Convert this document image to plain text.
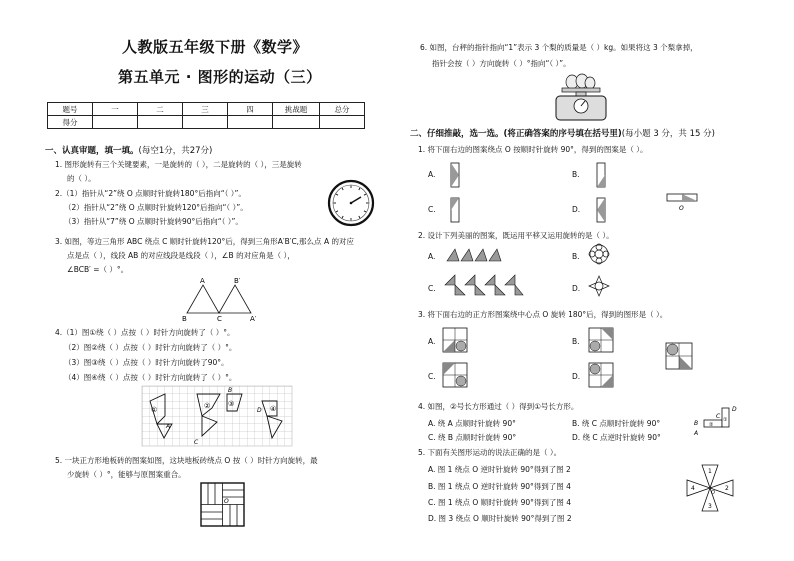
人教版五年级下册《数学》
第五单元 · 图形的运动（三）
题号	一	二	三	四	挑战题	总分
得分						
一、认真审题，填一填。(每空1分，共27分)
1. 图形旋转有三个关键要素，一是旋转的（ ），二是旋转的（ ），三是旋转
的（ ）。
2.（1）指针从“2”绕 O 点顺时针旋转180°后指向“（ ）”。
（2）指针从“2”绕 O 点顺时针旋转120°后指向“（ ）”。
（3）指针从“7”绕 O 点顺时针旋转90°后指向“（ ）”。
3. 如图，等边三角形 ABC 绕点 C 顺时针旋转120°后，得到三角形A′B′C,那么点 A 的对应
点是点（ ），线段 AB 的对应线段是线段（ ），∠B 的对应角是（ ），
∠BCB′ =（ ）°。
A
B
B′
C	A′
4.（1）图①绕（ ）点按（ ）时针方向旋转了（ ）°。
（2）图②绕（ ）点按（ ）时针方向旋转了（ ）°。
（3）图③绕（ ）点按（ ）时针方向旋转了90°。
（4）图④绕（ ）点按（ ）时针方向旋转了（ ）°。
①	②	③
④
A
B
C
D
5. 一块正方形地板砖的图案如图，这块地板砖绕点 O 按（ ）时针方向旋转，最
少旋转（ ）°，能够与原图案重合。
O
6. 如图，台秤的指针指向“1”表示 3 个梨的质量是（ ）kg。如果将这 3 个梨拿掉，
指针会按（ ）方向旋转（ ）°指向“（ ）”。
二、仔细推敲，选一选。(将正确答案的序号填在括号里)(每小题 3 分，共 15 分)
1. 将下面右边的图案绕点 O 按顺时针旋转 90°，得到的图案是（ ）。
A.	B.
C.	D.	O
2. 设计下列美丽的图案，既运用平移又运用旋转的是（ ）。
A.	B.
C.	D.
3. 将下面右边的正方形图案绕中心点 O 旋转 180°后，得到的图形是（ ）。
A.	B.
C.	D.
4. 如图，②号长方形通过（ ）得到①号长方形。
A. 绕 A 点顺时针旋转 90°	B. 绕 C 点顺时针旋转 90°
C. 绕 B 点顺时针旋转 90°	D. 绕 C 点逆时针旋转 90°
B
A
C
D
①
②
5. 下面有关图形运动的说法正确的是（ ）。
A. 图 1 绕点 O 逆时针旋转 90°得到了图 2
B. 图 1 绕点 O 逆时针旋转 90°得到了图 4
C. 图 1 绕点 O 顺时针旋转 90°得到了图 4
D. 图 3 绕点 O 顺时针旋转 90°得到了图 2
1
2
3
4
O
